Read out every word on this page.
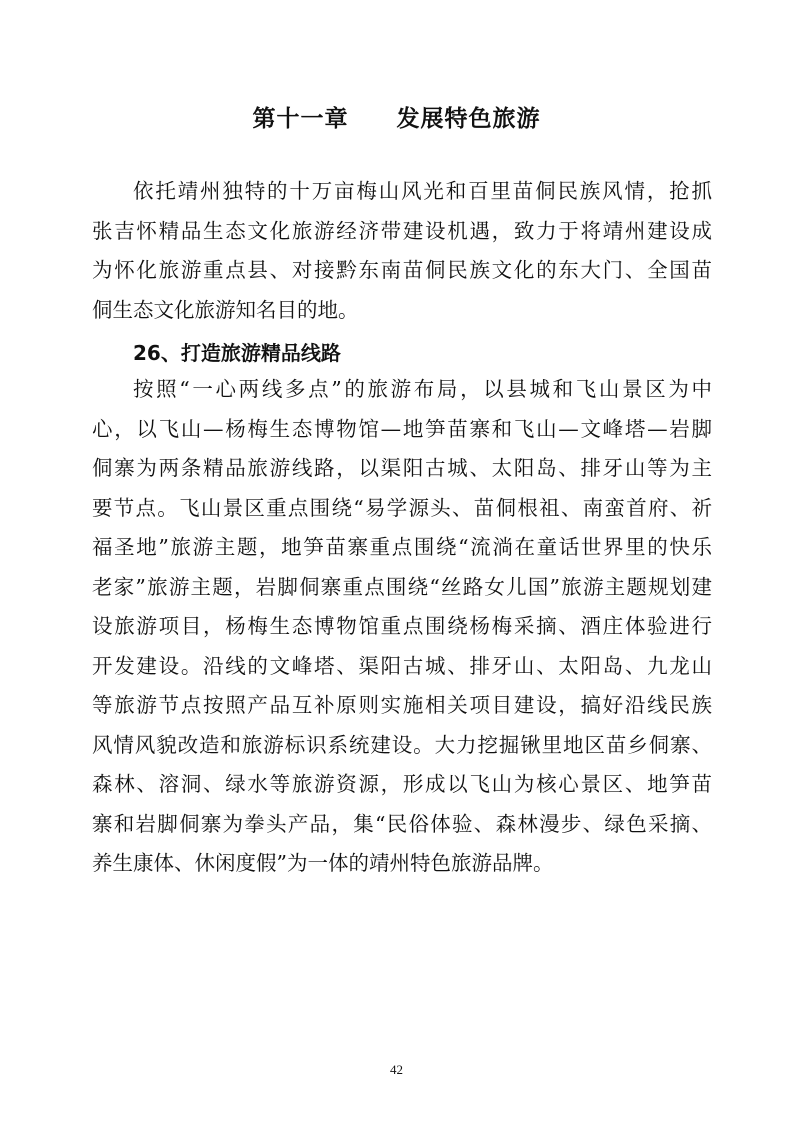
第十一章　　发展特色旅游
依托靖州独特的十万亩梅山风光和百里苗侗民族风情，抢抓
张吉怀精品生态文化旅游经济带建设机遇，致力于将靖州建设成
为怀化旅游重点县、对接黔东南苗侗民族文化的东大门、全国苗
侗生态文化旅游知名目的地。
26、打造旅游精品线路
按照“一心两线多点”的旅游布局，以县城和飞山景区为中
心，以飞山—杨梅生态博物馆—地笋苗寨和飞山—文峰塔—岩脚
侗寨为两条精品旅游线路，以渠阳古城、太阳岛、排牙山等为主
要节点。飞山景区重点围绕“易学源头、苗侗根祖、南蛮首府、祈
福圣地”旅游主题，地笋苗寨重点围绕“流淌在童话世界里的快乐
老家”旅游主题，岩脚侗寨重点围绕“丝路女儿国”旅游主题规划建
设旅游项目，杨梅生态博物馆重点围绕杨梅采摘、酒庄体验进行
开发建设。沿线的文峰塔、渠阳古城、排牙山、太阳岛、九龙山
等旅游节点按照产品互补原则实施相关项目建设，搞好沿线民族
风情风貌改造和旅游标识系统建设。大力挖掘锹里地区苗乡侗寨、
森林、溶洞、绿水等旅游资源，形成以飞山为核心景区、地笋苗
寨和岩脚侗寨为拳头产品，集“民俗体验、森林漫步、绿色采摘、
养生康体、休闲度假”为一体的靖州特色旅游品牌。
42
